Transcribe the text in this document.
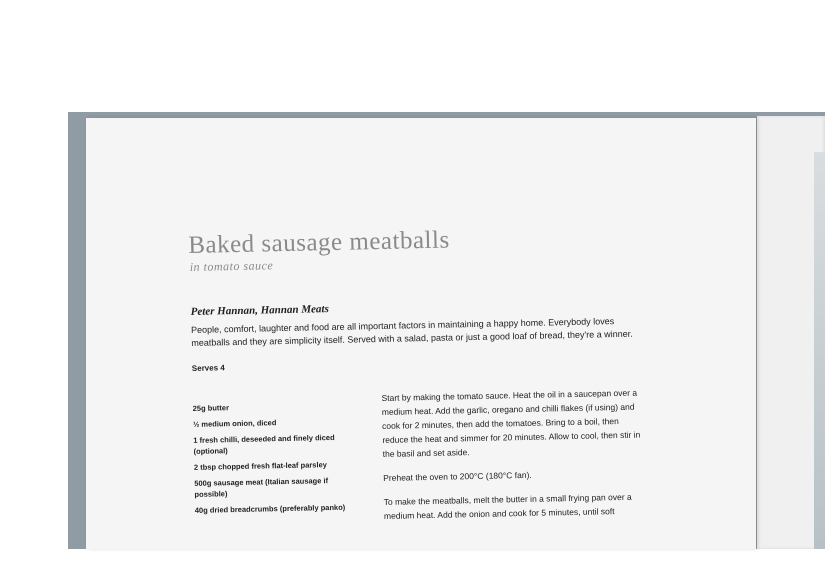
Baked sausage meatballs
in tomato sauce
Peter Hannan, Hannan Meats

People, comfort, laughter and food are all important factors in maintaining a happy home. Everybody loves meatballs and they are simplicity itself. Served with a salad, pasta or just a good loaf of bread, they're a winner.

Serves 4
25g butter
½ medium onion, diced
1 fresh chilli, deseeded and finely diced (optional)
2 tbsp chopped fresh flat-leaf parsley
500g sausage meat (Italian sausage if possible)
40g dried breadcrumbs (preferably panko)

Start by making the tomato sauce. Heat the oil in a saucepan over a medium heat. Add the garlic, oregano and chilli flakes (if using) and cook for 2 minutes, then add the tomatoes. Bring to a boil, then reduce the heat and simmer for 20 minutes. Allow to cool, then stir in the basil and set aside.

Preheat the oven to 200°C (180°C fan).

To make the meatballs, melt the butter in a small frying pan over a medium heat. Add the onion and cook for 5 minutes, until soft
